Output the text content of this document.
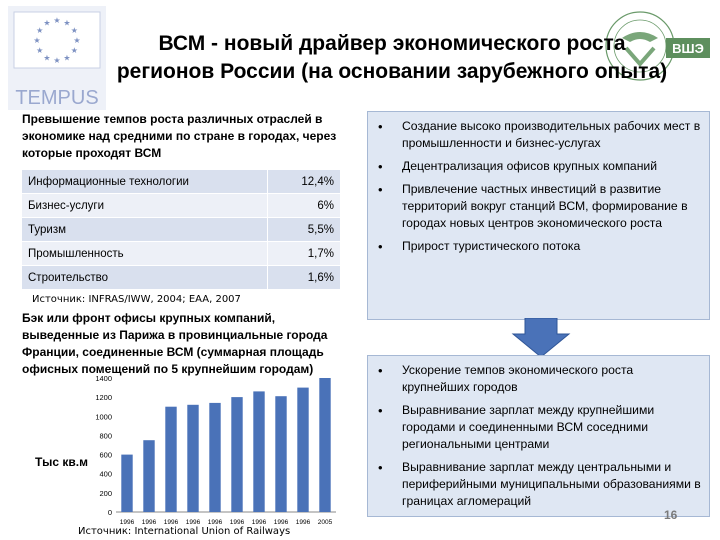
★ ★
★
★
★
★
★
★
★
★
★
★
TEMPUS
ВШЭ
ВСМ - новый драйвер экономического роста
регионов России (на основании зарубежного опыта)
Превышение темпов роста различных отраслей в экономике над средними по стране в городах, через которые проходят ВСМ
Информационные технологии	12,4%
Бизнес-услуги	6%
Туризм	5,5%
Промышленность	1,7%
Строительство	1,6%
Источник: INFRAS/IWW, 2004; EAA, 2007
Бэк или фронт офисы крупных компаний, выведенные из Парижа в провинциальные города Франции, соединенные ВСМ (суммарная площадь офисных помещений по 5 крупнейшим городам)
Тыс кв.м
0
200
400
600
800
1000
1200
1400
1996 1996 1996 1996 1996 1996 1996 1996 1996 2005
Источник: International Union of Railways
• Создание высоко производительных рабочих мест в промышленности и бизнес-услугах
• Децентрализация офисов крупных компаний
• Привлечение частных инвестиций в развитие территорий вокруг станций ВСМ, формирование в городах новых центров экономического роста
• Прирост туристического потока
• Ускорение темпов экономического роста крупнейших городов
• Выравнивание зарплат между крупнейшими городами и соединенными ВСМ соседними региональными центрами
• Выравнивание зарплат между центральными и периферийными муниципальными образованиями в границах агломераций
16
